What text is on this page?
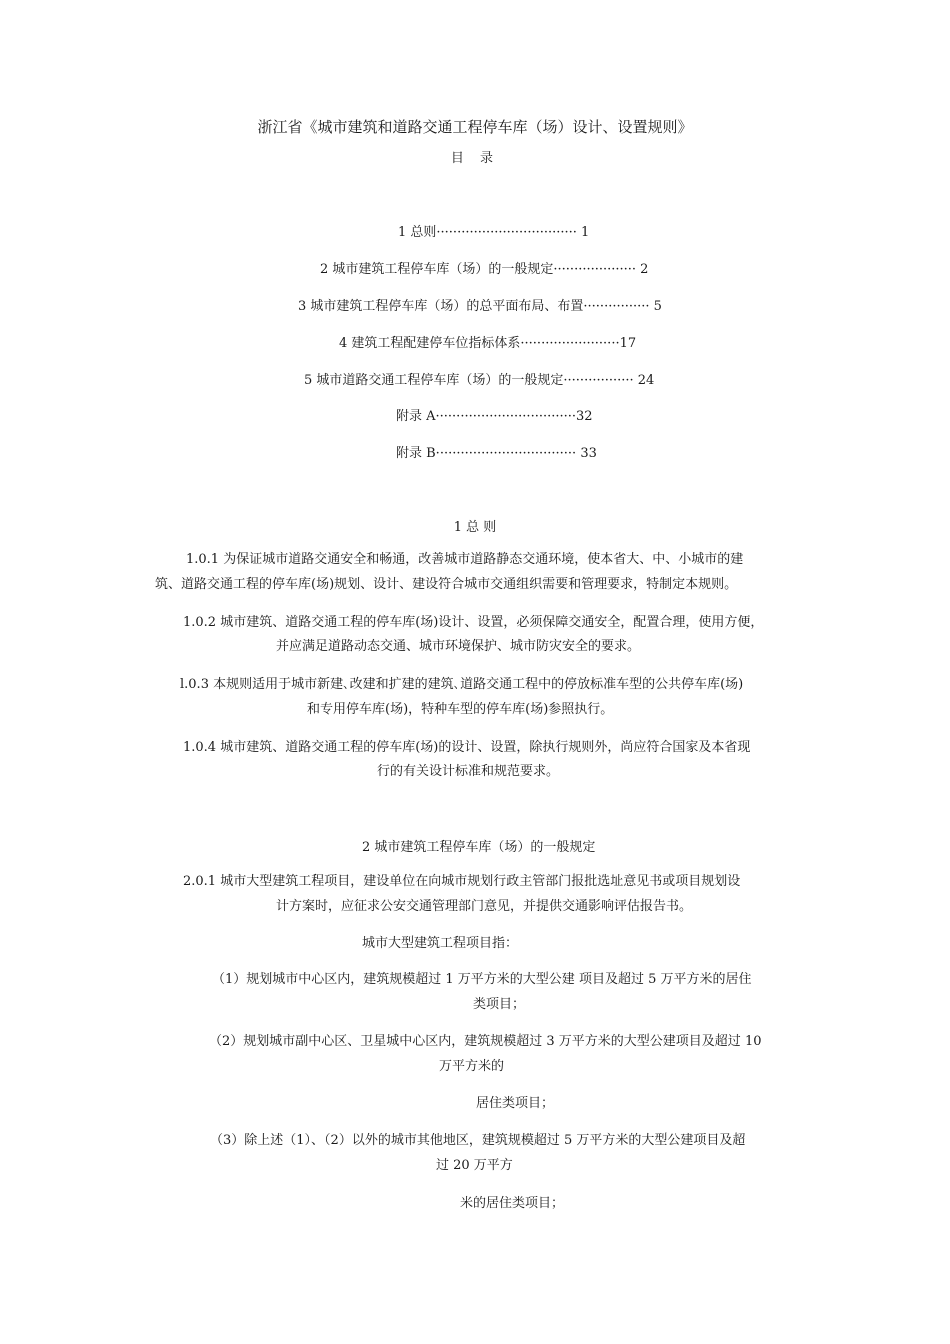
浙江省《城市建筑和道路交通工程停车库（场）设计、设置规则》
目 录
1 总则·································· 1
2 城市建筑工程停车库（场）的一般规定···················· 2
3 城市建筑工程停车库（场）的总平面布局、布置················ 5
4 建筑工程配建停车位指标体系························17
5 城市道路交通工程停车库（场）的一般规定················· 24
附录 A··································32
附录 B·································· 33
1 总 则
1.0.1 为保证城市道路交通安全和畅通，改善城市道路静态交通环境，使本省大、中、小城市的建
筑、道路交通工程的停车库(场)规划、设计、建设符合城市交通组织需要和管理要求，特制定本规则。
1.0.2 城市建筑、道路交通工程的停车库(场)设计、设置，必须保障交通安全，配置合理，使用方便，
并应满足道路动态交通、城市环境保护、城市防灾安全的要求。
l.0.3 本规则适用于城市新建､改建和扩建的建筑､道路交通工程中的停放标准车型的公共停车库(场)
和专用停车库(场)，特种车型的停车库(场)参照执行。
1.0.4 城市建筑、道路交通工程的停车库(场)的设计、设置，除执行规则外，尚应符合国家及本省现
行的有关设计标准和规范要求。
2 城市建筑工程停车库（场）的一般规定
2.0.1 城市大型建筑工程项目，建设单位在向城市规划行政主管部门报批选址意见书或项目规划设
计方案时，应征求公安交通管理部门意见，并提供交通影响评估报告书。
城市大型建筑工程项目指：
（1）规划城市中心区内，建筑规模超过 1 万平方米的大型公建 项目及超过 5 万平方米的居住
类项目；
（2）规划城市副中心区、卫星城中心区内，建筑规模超过 3 万平方米的大型公建项目及超过 10
万平方米的
居住类项目；
（3）除上述（1）、（2）以外的城市其他地区，建筑规模超过 5 万平方米的大型公建项目及超
过 20 万平方
米的居住类项目；
